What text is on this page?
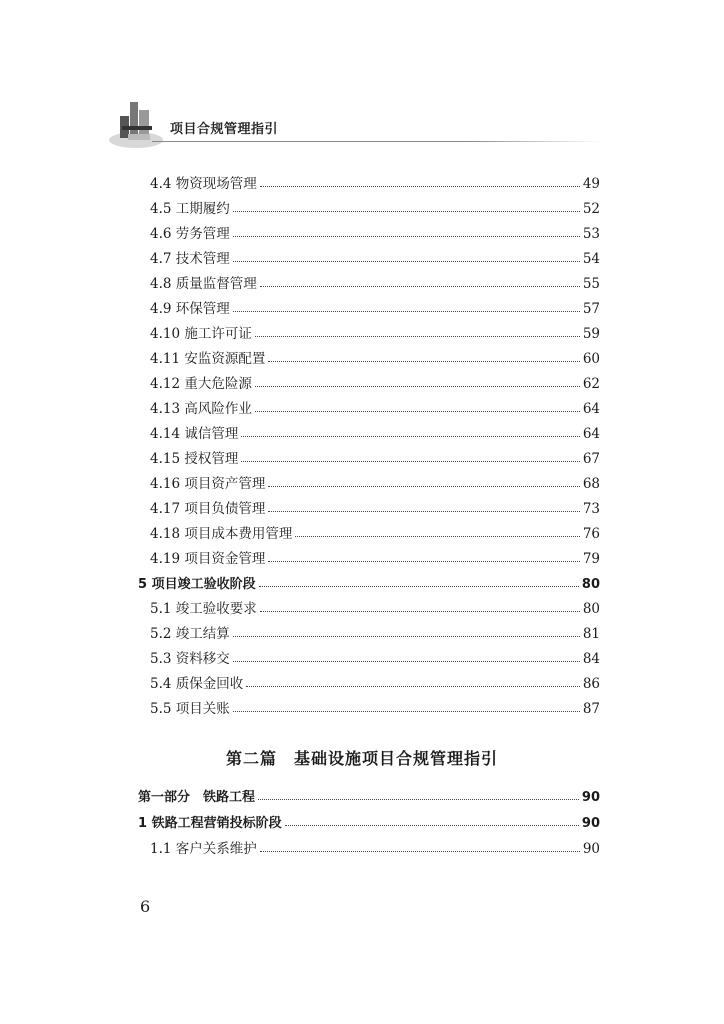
项目合规管理指引
4.4 物资现场管理	49
4.5 工期履约	52
4.6 劳务管理	53
4.7 技术管理	54
4.8 质量监督管理	55
4.9 环保管理	57
4.10 施工许可证	59
4.11 安监资源配置	60
4.12 重大危险源	62
4.13 高风险作业	64
4.14 诚信管理	64
4.15 授权管理	67
4.16 项目资产管理	68
4.17 项目负债管理	73
4.18 项目成本费用管理	76
4.19 项目资金管理	79
5 项目竣工验收阶段	80
5.1 竣工验收要求	80
5.2 竣工结算	81
5.3 资料移交	84
5.4 质保金回收	86
5.5 项目关账	87
第二篇　基础设施项目合规管理指引
第一部分　铁路工程	90
1 铁路工程营销投标阶段	90
1.1 客户关系维护	90
6
